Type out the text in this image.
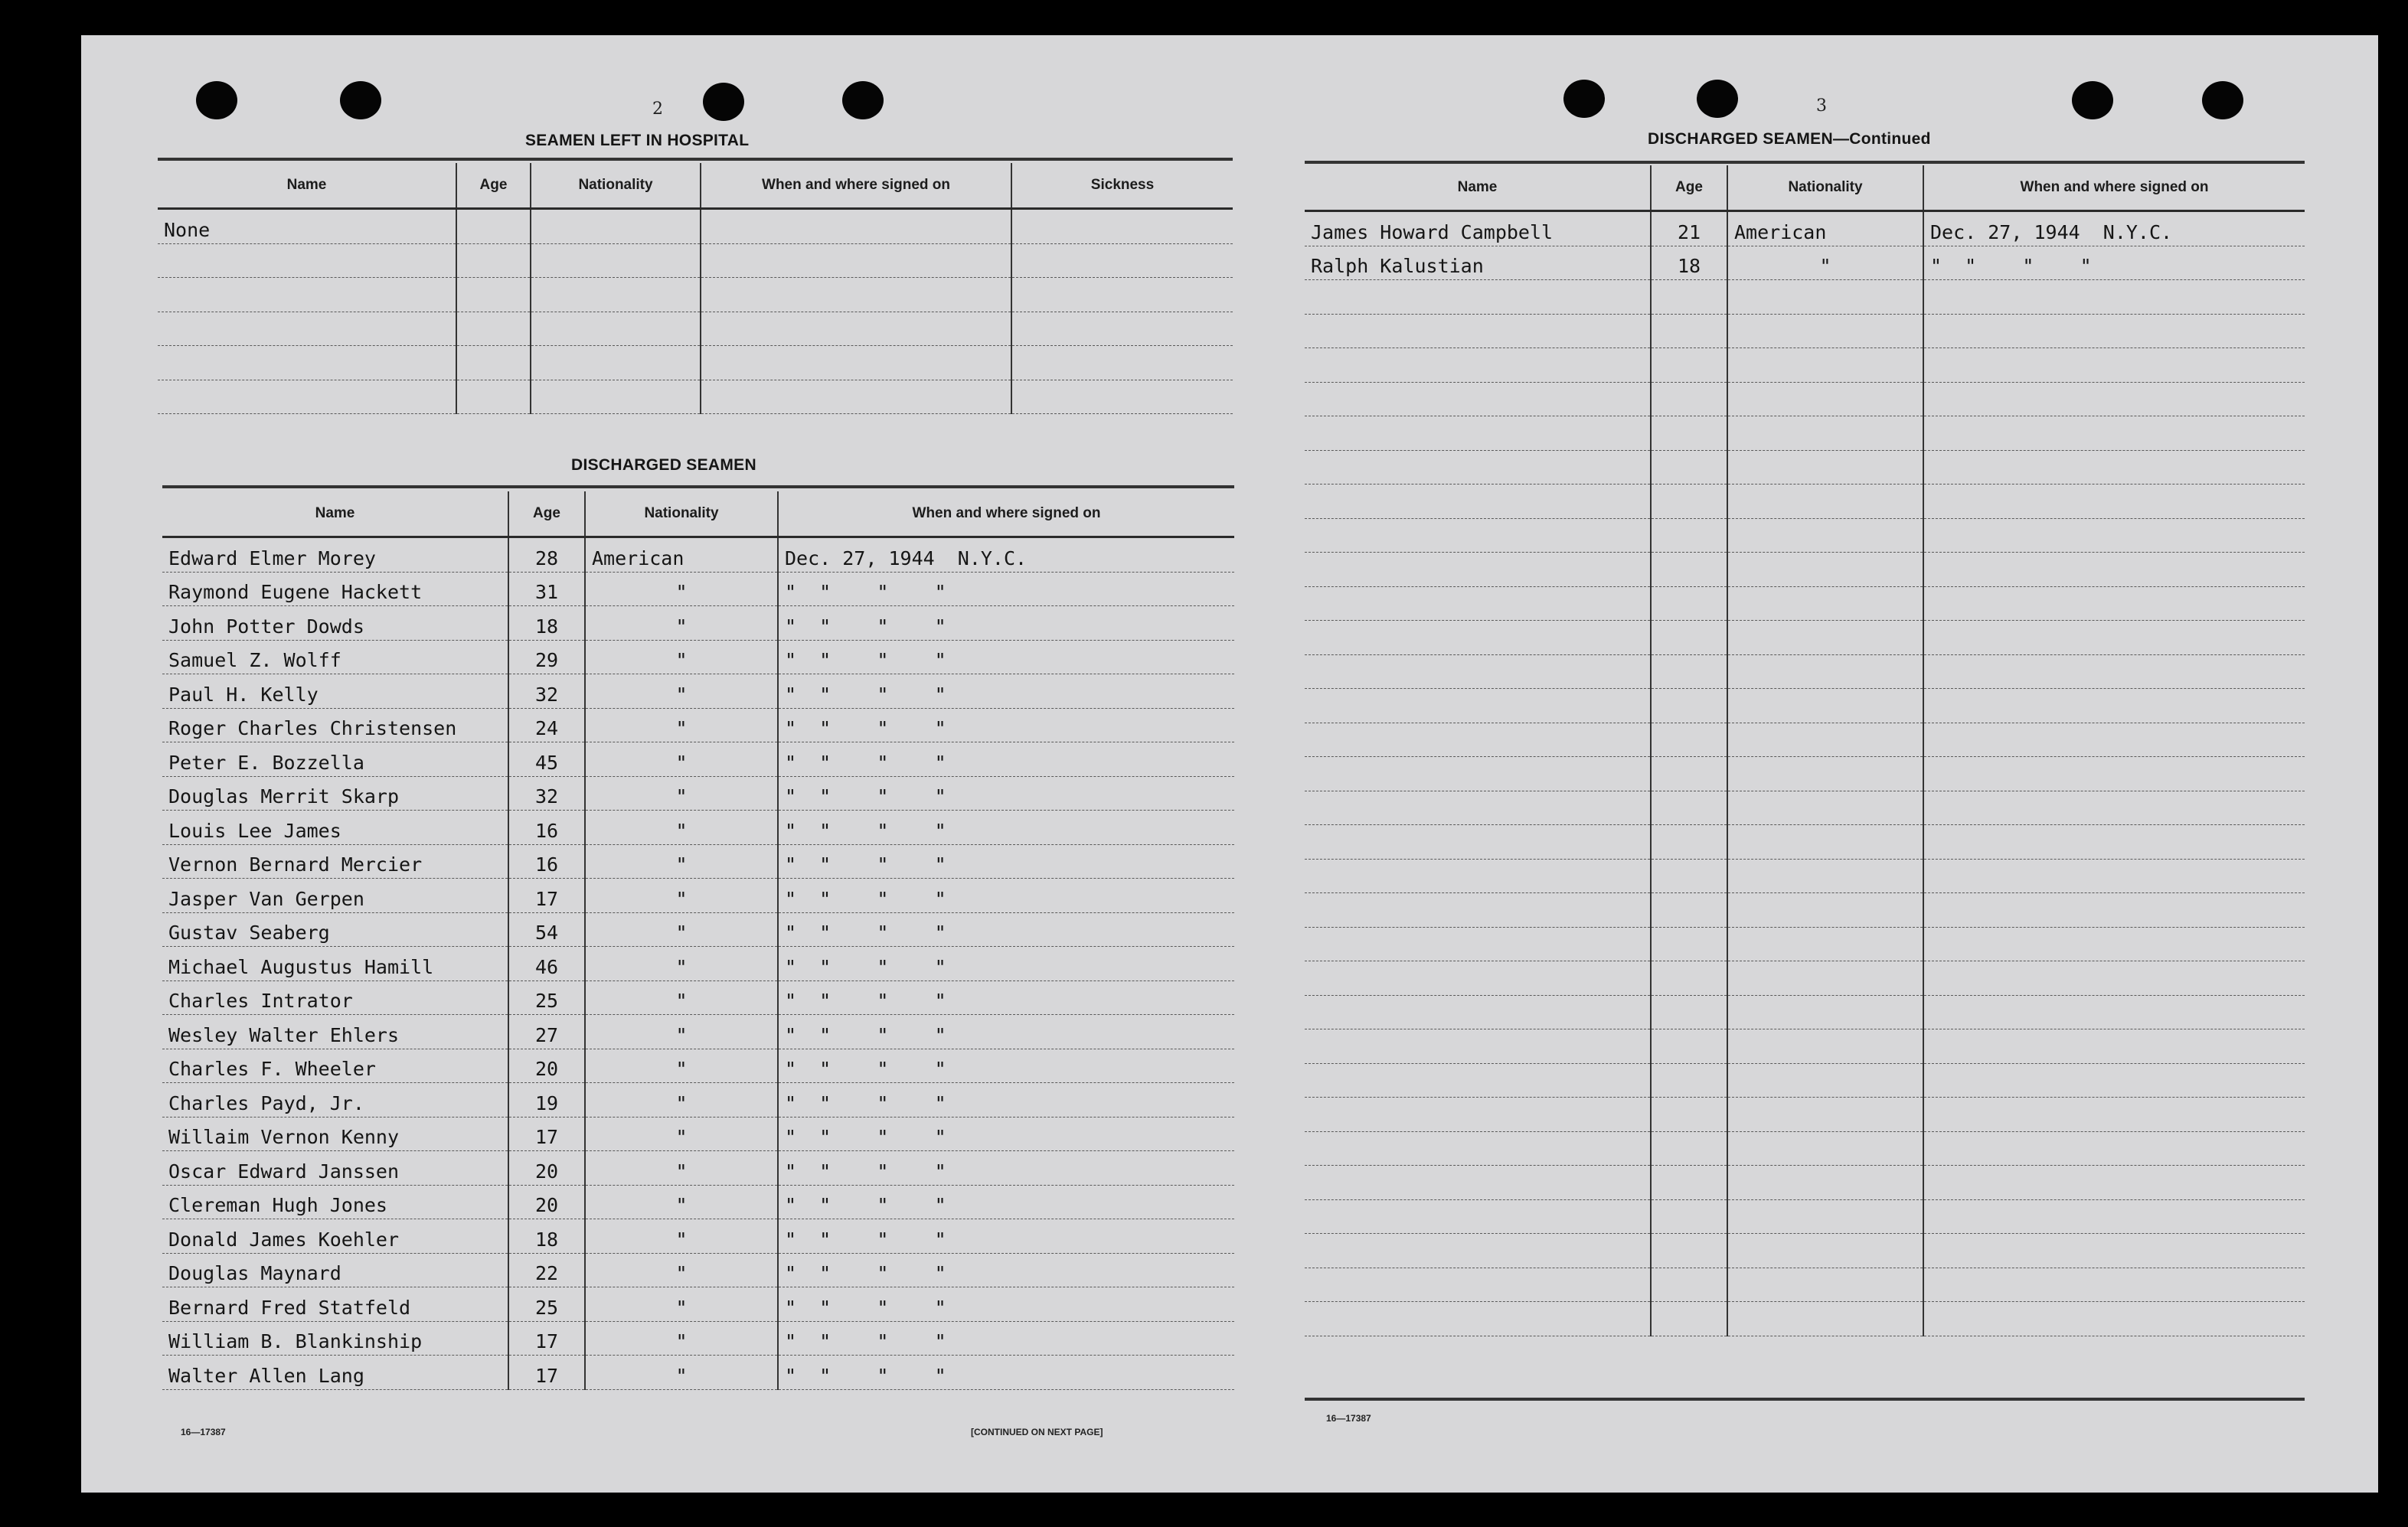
2
SEAMEN LEFT IN HOSPITAL
Name	Age	Nationality	When and where signed on	Sickness
None				

DISCHARGED SEAMEN
Name	Age	Nationality	When and where signed on
Edward Elmer Morey	28	American	Dec. 27, 1944  N.Y.C.
Raymond Eugene Hackett	31	"	"  "    "    "
John Potter Dowds	18	"	"  "    "    "
Samuel Z. Wolff	29	"	"  "    "    "
Paul H. Kelly	32	"	"  "    "    "
Roger Charles Christensen	24	"	"  "    "    "
Peter E. Bozzella	45	"	"  "    "    "
Douglas Merrit Skarp	32	"	"  "    "    "
Louis Lee James	16	"	"  "    "    "
Vernon Bernard Mercier	16	"	"  "    "    "
Jasper Van Gerpen	17	"	"  "    "    "
Gustav Seaberg	54	"	"  "    "    "
Michael Augustus Hamill	46	"	"  "    "    "
Charles Intrator	25	"	"  "    "    "
Wesley Walter Ehlers	27	"	"  "    "    "
Charles F. Wheeler	20	"	"  "    "    "
Charles Payd, Jr.	19	"	"  "    "    "
Willaim Vernon Kenny	17	"	"  "    "    "
Oscar Edward Janssen	20	"	"  "    "    "
Clereman Hugh Jones	20	"	"  "    "    "
Donald James Koehler	18	"	"  "    "    "
Douglas Maynard	22	"	"  "    "    "
Bernard Fred Statfeld	25	"	"  "    "    "
William B. Blankinship	17	"	"  "    "    "
Walter Allen Lang	17	"	"  "    "    "
16—17387	[CONTINUED ON NEXT PAGE]
3
DISCHARGED SEAMEN—Continued
Name	Age	Nationality	When and where signed on
James Howard Campbell	21	American	Dec. 27, 1944  N.Y.C.
Ralph Kalustian	18	"	"  "    "    "

16—17387
